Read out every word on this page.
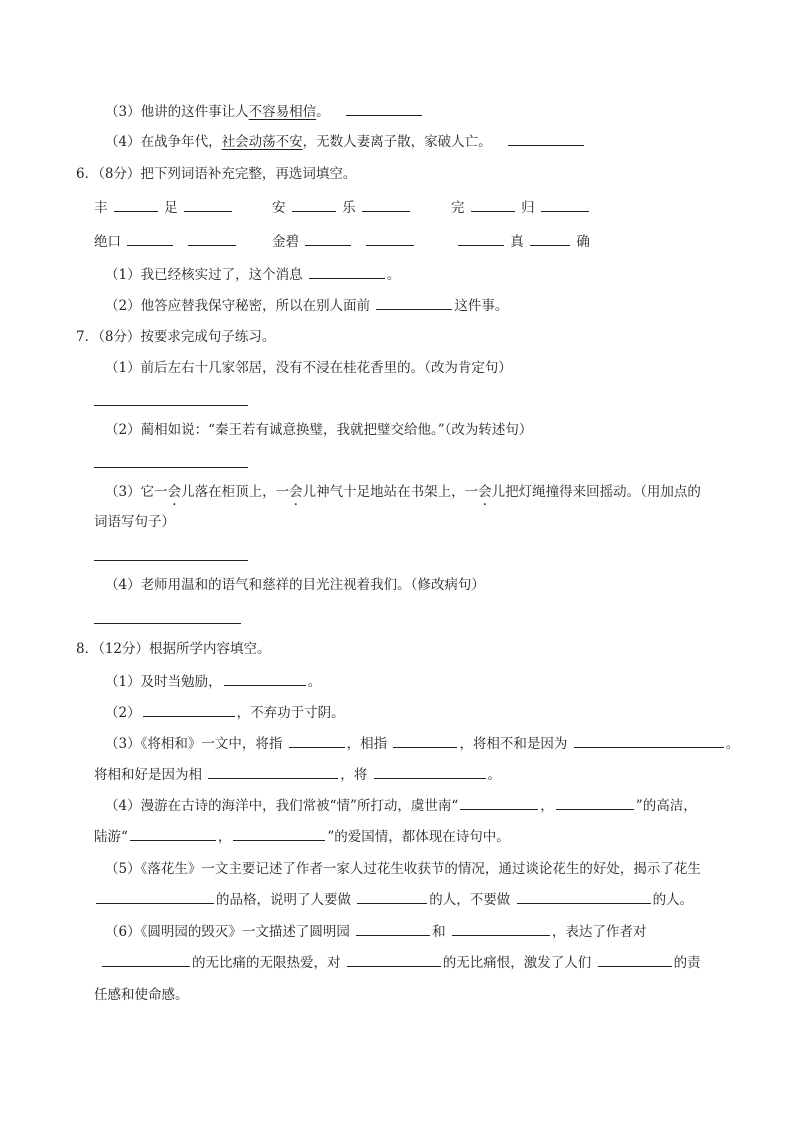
（3）他讲的这件事让人不容易相信。
（4）在战争年代，社会动荡不安，无数人妻离子散，家破人亡。
6．（8分）把下列词语补充完整，再选词填空。
丰	足	安	乐	完	归
绝口	金碧	真	确
（1）我已经核实过了，这个消息	。
（2）他答应替我保守秘密，所以在别人面前	这件事。
7．（8分）按要求完成句子练习。
（1）前后左右十几家邻居，没有不浸在桂花香里的。（改为肯定句）
（2）蔺相如说：“秦王若有诚意换璧，我就把璧交给他。”（改为转述句）
（3）它一会儿落在柜顶上，一会儿神气十足地站在书架上，一会儿把灯绳撞得来回摇动。（用加点的
词语写句子）
（4）老师用温和的语气和慈祥的目光注视着我们。（修改病句）
8．（12分）根据所学内容填空。
（1）及时当勉励，	。
（2）	，不弃功于寸阴。
（3）《将相和》一文中，将指	，相指	，将相不和是因为	。
将相和好是因为相	，将	。
（4）漫游在古诗的海洋中，我们常被“情”所打动，虞世南“	，	”的高洁，
陆游“	，	”的爱国情，都体现在诗句中。
（5）《落花生》一文主要记述了作者一家人过花生收获节的情况，通过谈论花生的好处，揭示了花生
的品格，说明了人要做	的人，不要做	的人。
（6）《圆明园的毁灭》一文描述了圆明园	和	，表达了作者对
的无比痛的无限热爱，对	的无比痛恨，激发了人们	的责
任感和使命感。
